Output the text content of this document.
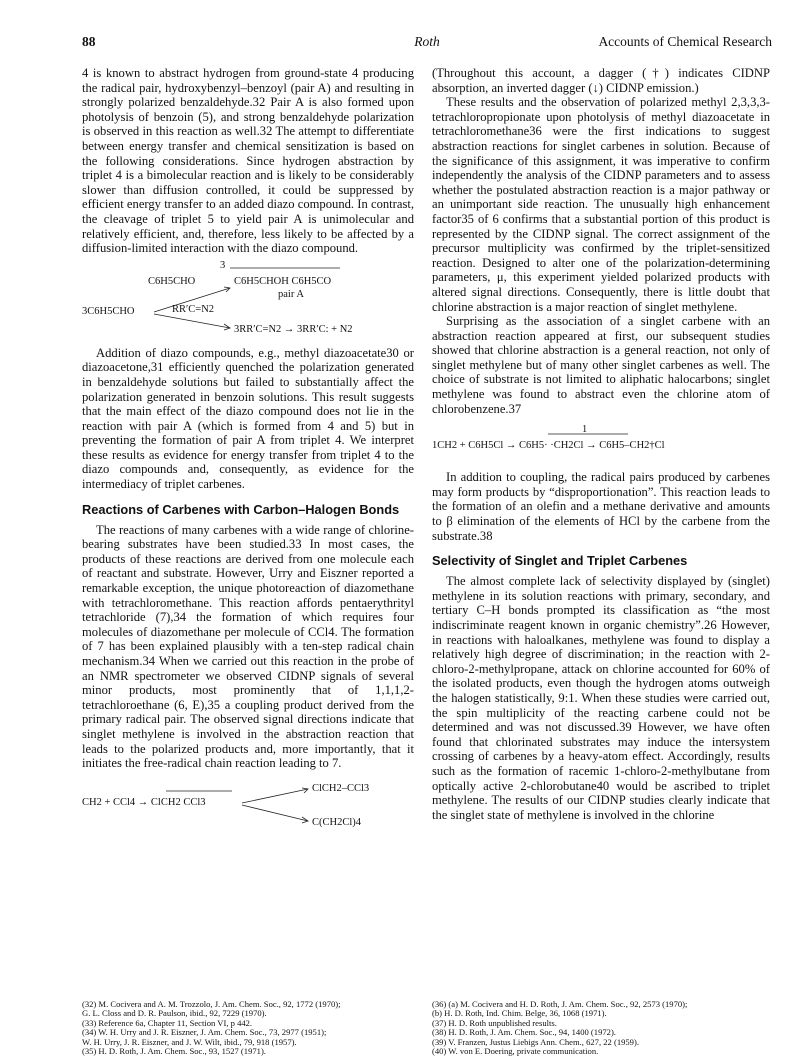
88	Roth	Accounts of Chemical Research

4 is known to abstract hydrogen from ground-state 4 producing the radical pair, hydroxybenzyl–benzoyl (pair A) and resulting in strongly polarized benzaldehyde.32 Pair A is also formed upon photolysis of benzoin (5), and strong benzaldehyde polarization is observed in this reaction as well.32 The attempt to differentiate between energy transfer and chemical sensitization is based on the following considerations. Since hydrogen abstraction by triplet 4 is a bimolecular reaction and is likely to be considerably slower than diffusion controlled, it could be suppressed by efficient energy transfer to an added diazo compound. In contrast, the cleavage of triplet 5 to yield pair A is unimolecular and relatively efficient, and, therefore, less likely to be affected by a diffusion-limited interaction with the diazo compound.

3
C6H5CHO	C6H5CHOH C6H5CO
pair A
3C6H5CHO	RR′C=N2
3RR′C=N2 → 3RR′C: + N2

Addition of diazo compounds, e.g., methyl diazoacetate30 or diazoacetone,31 efficiently quenched the polarization generated in benzaldehyde solutions but failed to substantially affect the polarization generated in benzoin solutions. This result suggests that the main effect of the diazo compound does not lie in the reaction with pair A (which is formed from 4 and 5) but in preventing the formation of pair A from triplet 4. We interpret these results as evidence for energy transfer from triplet 4 to the diazo compounds and, consequently, as evidence for the intermediacy of triplet carbenes.

Reactions of Carbenes with Carbon–Halogen Bonds

The reactions of many carbenes with a wide range of chlorine-bearing substrates have been studied.33 In most cases, the products of these reactions are derived from one molecule each of reactant and substrate. However, Urry and Eiszner reported a remarkable exception, the unique photoreaction of diazomethane with tetrachloromethane. This reaction affords pentaerythrityl tetrachloride (7),34 the formation of which requires four molecules of diazomethane per molecule of CCl4. The formation of 7 has been explained plausibly with a ten-step radical chain mechanism.34 When we carried out this reaction in the probe of an NMR spectrometer we observed CIDNP signals of several minor products, most prominently that of 1,1,1,2-tetrachloroethane (6, E),35 a coupling product derived from the primary radical pair. The observed signal directions indicate that singlet methylene is involved in the abstraction reaction that leads to the polarized products and, more importantly, that it initiates the free-radical chain reaction leading to 7.

CH2 + CCl4 → ClCH2 CCl3
ClCH2–CCl3
C(CH2Cl)4

(Throughout this account, a dagger (†) indicates CIDNP absorption, an inverted dagger (↓) CIDNP emission.)

These results and the observation of polarized methyl 2,3,3,3-tetrachloropropionate upon photolysis of methyl diazoacetate in tetrachloromethane36 were the first indications to suggest abstraction reactions for singlet carbenes in solution. Because of the significance of this assignment, it was imperative to confirm independently the analysis of the CIDNP parameters and to assess whether the postulated abstraction reaction is a major pathway or an unimportant side reaction. The unusually high enhancement factor35 of 6 confirms that a substantial portion of this product is represented by the CIDNP signal. The correct assignment of the precursor multiplicity was confirmed by the triplet-sensitized reaction. Designed to alter one of the polarization-determining parameters, μ, this experiment yielded polarized products with altered signal directions. Consequently, there is little doubt that chlorine abstraction is a major reaction of singlet methylene.

Surprising as the association of a singlet carbene with an abstraction reaction appeared at first, our subsequent studies showed that chlorine abstraction is a general reaction, not only of singlet methylene but of many other singlet carbenes as well. The choice of substrate is not limited to aliphatic halocarbons; singlet methylene was found to abstract even the chlorine atom of chlorobenzene.37

1
1CH2 + C6H5Cl → C6H5· ·CH2Cl → C6H5–CH2†Cl

In addition to coupling, the radical pairs produced by carbenes may form products by “disproportionation”. This reaction leads to the formation of an olefin and a methane derivative and amounts to β elimination of the elements of HCl by the carbene from the substrate.38

Selectivity of Singlet and Triplet Carbenes

The almost complete lack of selectivity displayed by (singlet) methylene in its solution reactions with primary, secondary, and tertiary C–H bonds prompted its classification as “the most indiscriminate reagent known in organic chemistry”.26 However, in reactions with haloalkanes, methylene was found to display a relatively high degree of discrimination; in the reaction with 2-chloro-2-methylpropane, attack on chlorine accounted for 60% of the isolated products, even though the hydrogen atoms outweigh the halogen statistically, 9:1. When these studies were carried out, the spin multiplicity of the reacting carbene could not be determined and was not discussed.39 However, we have often found that chlorinated substrates may induce the intersystem crossing of carbenes by a heavy-atom effect. Accordingly, results such as the formation of racemic 1-chloro-2-methylbutane from optically active 2-chlorobutane40 would be ascribed to triplet methylene. The results of our CIDNP studies clearly indicate that the singlet state of methylene is involved in the chlorine

(32) M. Cocivera and A. M. Trozzolo, J. Am. Chem. Soc., 92, 1772 (1970);
G. L. Closs and D. R. Paulson, ibid., 92, 7229 (1970).
(33) Reference 6a, Chapter 11, Section VI, p 442.
(34) W. H. Urry and J. R. Eiszner, J. Am. Chem. Soc., 73, 2977 (1951);
W. H. Urry, J. R. Eiszner, and J. W. Wilt, ibid., 79, 918 (1957).
(35) H. D. Roth, J. Am. Chem. Soc., 93, 1527 (1971).
(36) (a) M. Cocivera and H. D. Roth, J. Am. Chem. Soc., 92, 2573 (1970);
(b) H. D. Roth, Ind. Chim. Belge, 36, 1068 (1971).
(37) H. D. Roth unpublished results.
(38) H. D. Roth, J. Am. Chem. Soc., 94, 1400 (1972).
(39) V. Franzen, Justus Liebigs Ann. Chem., 627, 22 (1959).
(40) W. von E. Doering, private communication.
